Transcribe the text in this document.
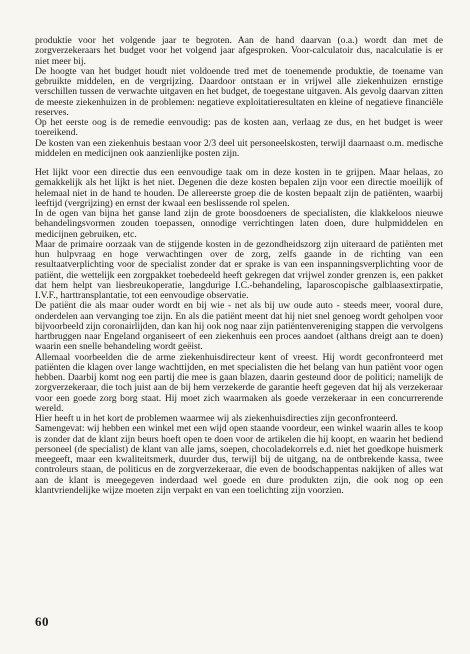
produktie voor het volgende jaar te begroten. Aan de hand daarvan (o.a.) wordt dan met de zorgverzekeraars het budget voor het volgend jaar afgesproken. Voor-calculatoir dus, nacalculatie is er niet meer bij.

De hoogte van het budget houdt niet voldoende tred met de toenemende produktie, de toename van gebruikte middelen, en de vergrijzing. Daardoor ontstaan er in vrijwel alle ziekenhuizen ernstige verschillen tussen de verwachte uitgaven en het budget, de toegestane uitgaven. Als gevolg daarvan zitten de meeste ziekenhuizen in de problemen: negatieve exploitatieresultaten en kleine of negatieve financiële reserves.

Op het eerste oog is de remedie eenvoudig: pas de kosten aan, verlaag ze dus, en het budget is weer toereikend.

De kosten van een ziekenhuis bestaan voor 2/3 deel uit personeelskosten, terwijl daarnaast o.m. medische middelen en medicijnen ook aanzienlijke posten zijn.

Het lijkt voor een directie dus een eenvoudige taak om in deze kosten in te grijpen. Maar helaas, zo gemakkelijk als het lijkt is het niet. Degenen die deze kosten bepalen zijn voor een directie moeilijk of helemaal niet in de hand te houden. De allereerste groep die de kosten bepaalt zijn de patiënten, waarbij leeftijd (vergrijzing) en ernst der kwaal een beslissende rol spelen.

In de ogen van bijna het ganse land zijn de grote boosdoeners de specialisten, die klakkeloos nieuwe behandelingsvormen zouden toepassen, onnodige verrichtingen laten doen, dure hulpmiddelen en medicijnen gebruiken, etc.

Maar de primaire oorzaak van de stijgende kosten in de gezondheidszorg zijn uiteraard de patiënten met hun hulpvraag en hoge verwachtingen over de zorg, zelfs gaande in de richting van een resultaatverplichting voor de specialist zonder dat er sprake is van een inspanningsverplichting voor de patiënt, die wettelijk een zorgpakket toebedeeld heeft gekregen dat vrijwel zonder grenzen is, een pakket dat hem helpt van liesbreukoperatie, langdurige I.C.-behandeling, laparoscopische galblaasextirpatie, I.V.F., harttransplantatie, tot een eenvoudige observatie.

De patiënt die als maar ouder wordt en bij wie - net als bij uw oude auto - steeds meer, vooral dure, onderdelen aan vervanging toe zijn. En als die patiënt meent dat hij niet snel genoeg wordt geholpen voor bijvoorbeeld zijn coronairlijden, dan kan hij ook nog naar zijn patiëntenvereniging stappen die vervolgens hartbruggen naar Engeland organiseert of een ziekenhuis een proces aandoet (althans dreigt aan te doen) waarin een snelle behandeling wordt geëist.

Allemaal voorbeelden die de arme ziekenhuisdirecteur kent of vreest. Hij wordt geconfronteerd met patiënten die klagen over lange wachttijden, en met specialisten die het belang van hun patiënt voor ogen hebben. Daarbij komt nog een partij die mee is gaan blazen, daarin gesteund door de politici; namelijk de zorgverzekeraar, die toch juist aan de bij hem verzekerde de garantie heeft gegeven dat hij als verzekeraar voor een goede zorg borg staat. Hij moet zich waarmaken als goede verzekeraar in een concurrerende wereld.

Hier heeft u in het kort de problemen waarmee wij als ziekenhuisdirecties zijn geconfronteerd.

Samengevat: wij hebben een winkel met een wijd open staande voordeur, een winkel waarin alles te koop is zonder dat de klant zijn beurs hoeft open te doen voor de artikelen die hij koopt, en waarin het bediend personeel (de specialist) de klant van alle jams, soepen, chocoladekorrels e.d. niet het goedkope huismerk meegeeft, maar een kwaliteitsmerk, duurder dus, terwijl bij de uitgang, na de ontbrekende kassa, twee controleurs staan, de politicus en de zorgverzekeraar, die even de boodschappentas nakijken of alles wat aan de klant is meegegeven inderdaad wel goede en dure produkten zijn, die ook nog op een klantvriendelijke wijze moeten zijn verpakt en van een toelichting zijn voorzien.

60
